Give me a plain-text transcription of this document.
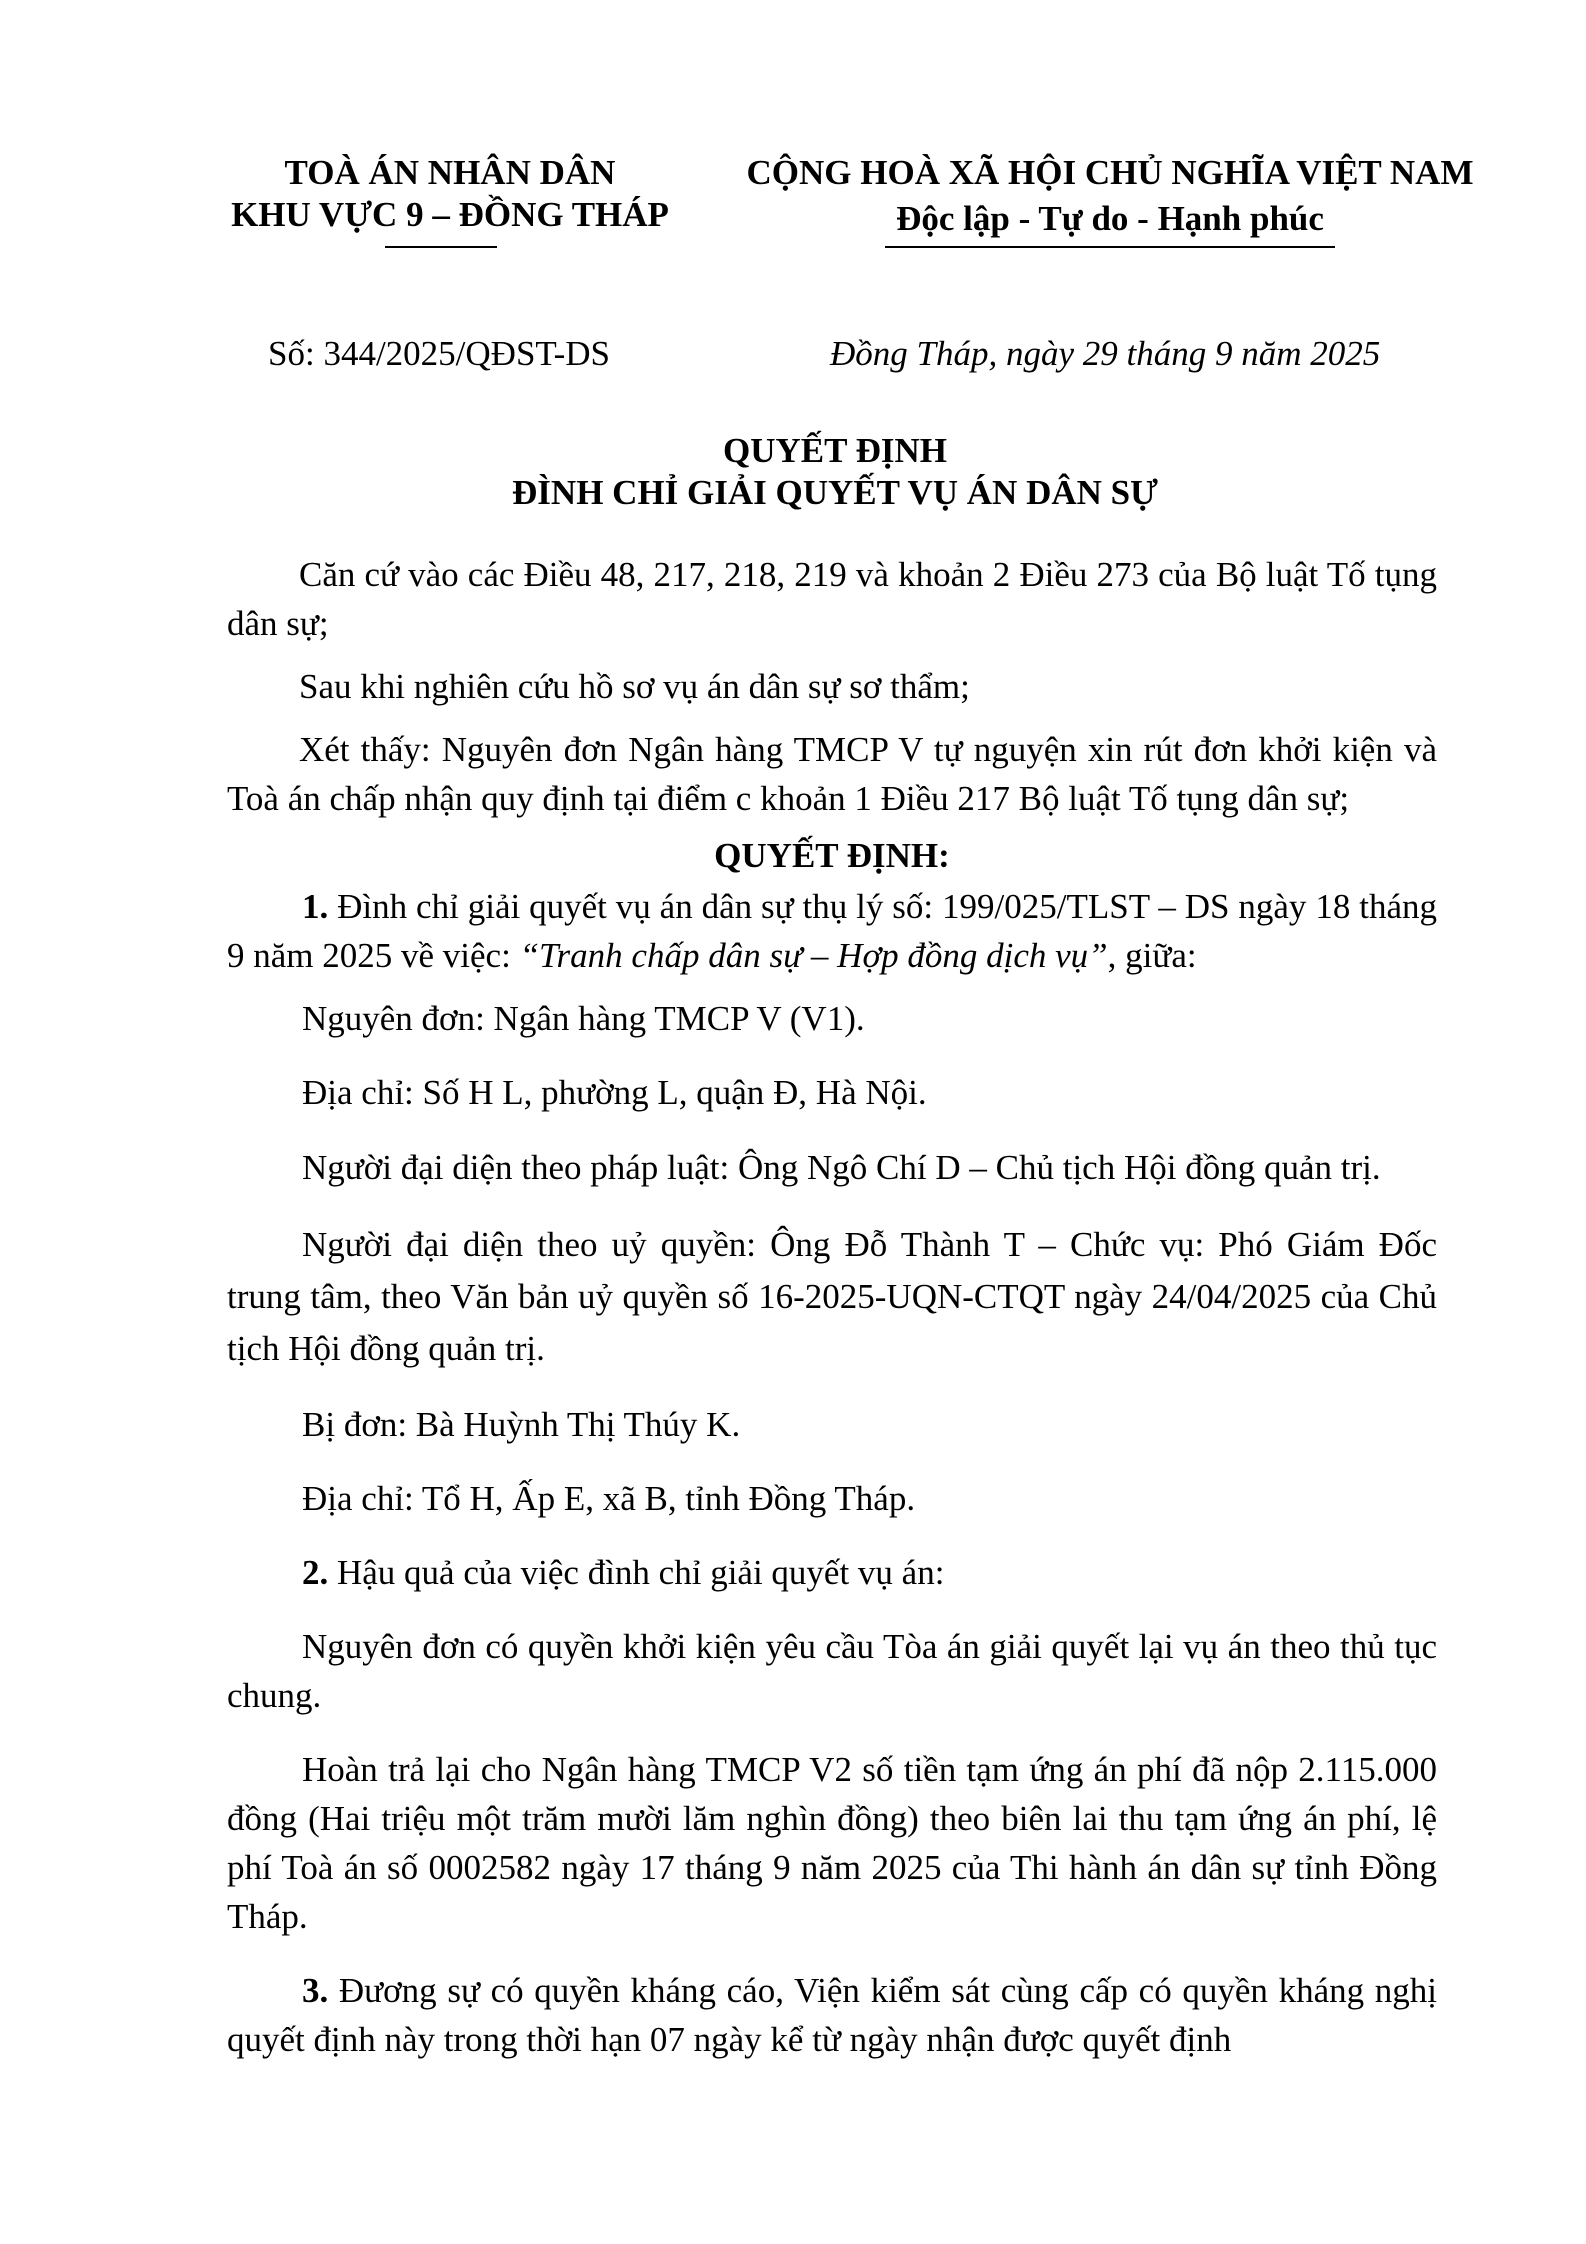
TOÀ ÁN NHÂN DÂN
KHU VỰC 9 – ĐỒNG THÁP
CỘNG HOÀ XÃ HỘI CHỦ NGHĨA VIỆT NAM
Độc lập - Tự do - Hạnh phúc
Số: 344/2025/QĐST-DS	Đồng Tháp, ngày 29 tháng 9 năm 2025
QUYẾT ĐỊNH
ĐÌNH CHỈ GIẢI QUYẾT VỤ ÁN DÂN SỰ

Căn cứ vào các Điều 48, 217, 218, 219 và khoản 2 Điều 273 của Bộ luật Tố tụng dân sự;

Sau khi nghiên cứu hồ sơ vụ án dân sự sơ thẩm;

Xét thấy: Nguyên đơn Ngân hàng TMCP V tự nguyện xin rút đơn khởi kiện và Toà án chấp nhận quy định tại điểm c khoản 1 Điều 217 Bộ luật Tố tụng dân sự;

QUYẾT ĐỊNH:

1. Đình chỉ giải quyết vụ án dân sự thụ lý số: 199/025/TLST – DS ngày 18 tháng 9 năm 2025 về việc: “Tranh chấp dân sự – Hợp đồng dịch vụ”, giữa:

Nguyên đơn: Ngân hàng TMCP V (V1).

Địa chỉ: Số H L, phường L, quận Đ, Hà Nội.

Người đại diện theo pháp luật: Ông Ngô Chí D – Chủ tịch Hội đồng quản trị.

Người đại diện theo uỷ quyền: Ông Đỗ Thành T – Chức vụ: Phó Giám Đốc trung tâm, theo Văn bản uỷ quyền số 16-2025-UQN-CTQT ngày 24/04/2025 của Chủ tịch Hội đồng quản trị.

Bị đơn: Bà Huỳnh Thị Thúy K.

Địa chỉ: Tổ H, Ấp E, xã B, tỉnh Đồng Tháp.

2. Hậu quả của việc đình chỉ giải quyết vụ án:

Nguyên đơn có quyền khởi kiện yêu cầu Tòa án giải quyết lại vụ án theo thủ tục chung.

Hoàn trả lại cho Ngân hàng TMCP V2 số tiền tạm ứng án phí đã nộp 2.115.000 đồng (Hai triệu một trăm mười lăm nghìn đồng) theo biên lai thu tạm ứng án phí, lệ phí Toà án số 0002582 ngày 17 tháng 9 năm 2025 của Thi hành án dân sự tỉnh Đồng Tháp.

3. Đương sự có quyền kháng cáo, Viện kiểm sát cùng cấp có quyền kháng nghị quyết định này trong thời hạn 07 ngày kể từ ngày nhận được quyết định
